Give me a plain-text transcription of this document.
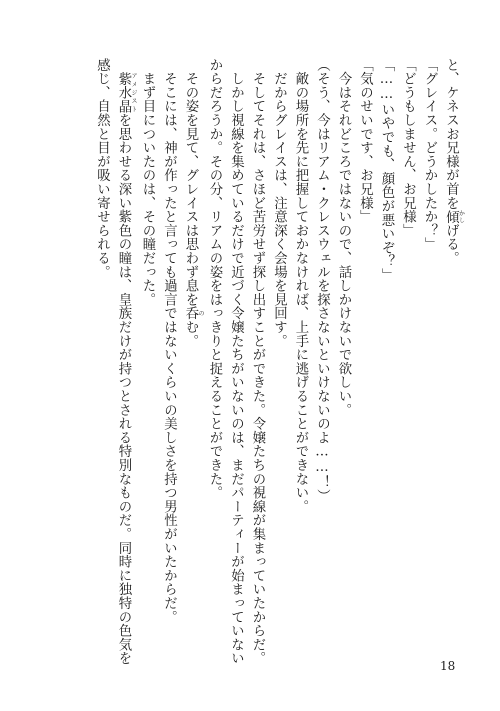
と、ケネスお兄様が首を傾 かしげる。
「グレイス。どうかしたか？」
「どうもしません、お兄様」
「……いやでも、顔色が悪いぞ？」
「気のせいです、お兄様」
　今はそれどころではないので、話しかけないで欲しい。
（そう、今はリアム・クレスウェルを探さないといけないのよ……！）
　敵の場所を先に把握しておかなければ、上手に逃げることができない。
　だからグレイスは、注意深く会場を見回す。
　そしてそれは、さほど苦労せず探し出すことができた。令嬢たちの視線が集まっていたからだ。
　しかし視線を集めているだけで近づく令嬢たちがいないのは、まだパーティーが始まっていない
からだろうか。その分、リアムの姿をはっきりと捉えることができた。
　その姿を見て、グレイスは思わず息を呑 のむ。
　そこには、神が作ったと言っても過言ではないくらいの美しさを持つ男性がいたからだ。
　まず目についたのは、その瞳だった。
　紫水晶 アメジストを思わせる深い紫色の瞳は、皇族だけが持つとされる特別なものだ。同時に独特の色気を
感じ、自然と目が吸い寄せられる。
18
